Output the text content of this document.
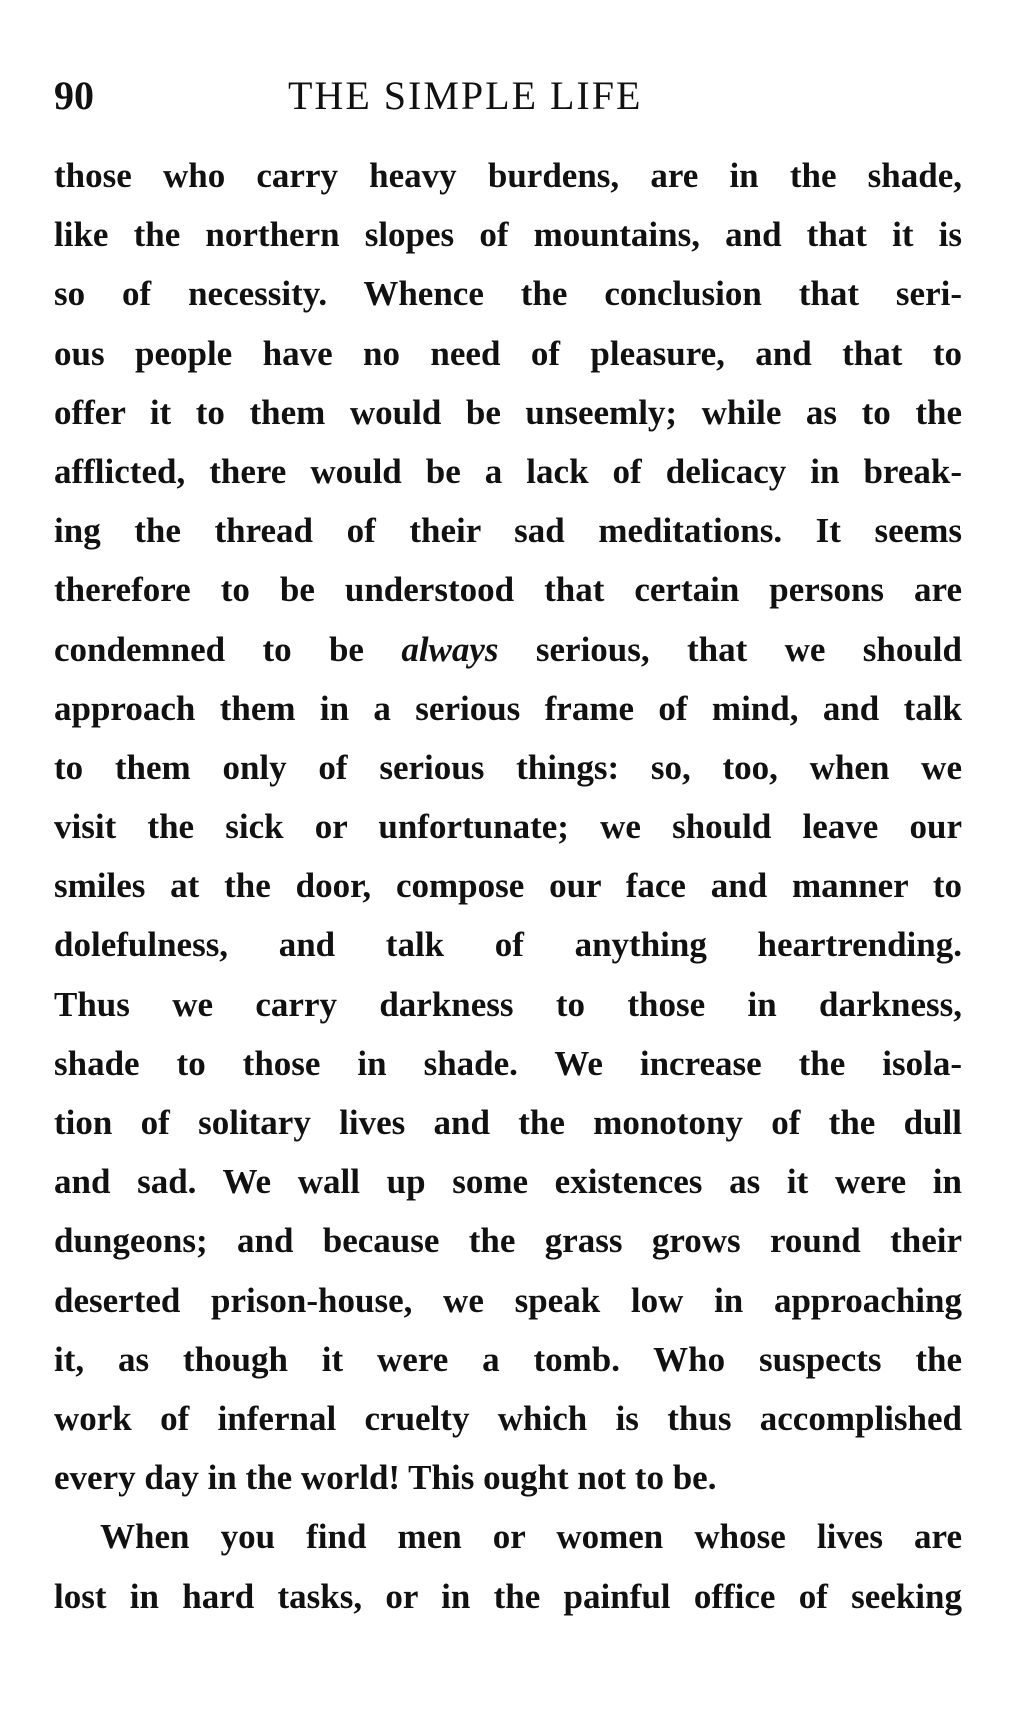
90	THE SIMPLE LIFE
those who carry heavy burdens, are in the shade,
like the northern slopes of mountains, and that it is
so of necessity. Whence the conclusion that seri-
ous people have no need of pleasure, and that to
offer it to them would be unseemly; while as to the
afflicted, there would be a lack of delicacy in break-
ing the thread of their sad meditations. It seems
therefore to be understood that certain persons are
condemned to be always serious, that we should
approach them in a serious frame of mind, and talk
to them only of serious things: so, too, when we
visit the sick or unfortunate; we should leave our
smiles at the door, compose our face and manner to
dolefulness, and talk of anything heartrending.
Thus we carry darkness to those in darkness,
shade to those in shade. We increase the isola-
tion of solitary lives and the monotony of the dull
and sad. We wall up some existences as it were in
dungeons; and because the grass grows round their
deserted prison-house, we speak low in approaching
it, as though it were a tomb. Who suspects the
work of infernal cruelty which is thus accomplished
every day in the world! This ought not to be.
When you find men or women whose lives are
lost in hard tasks, or in the painful office of seeking
